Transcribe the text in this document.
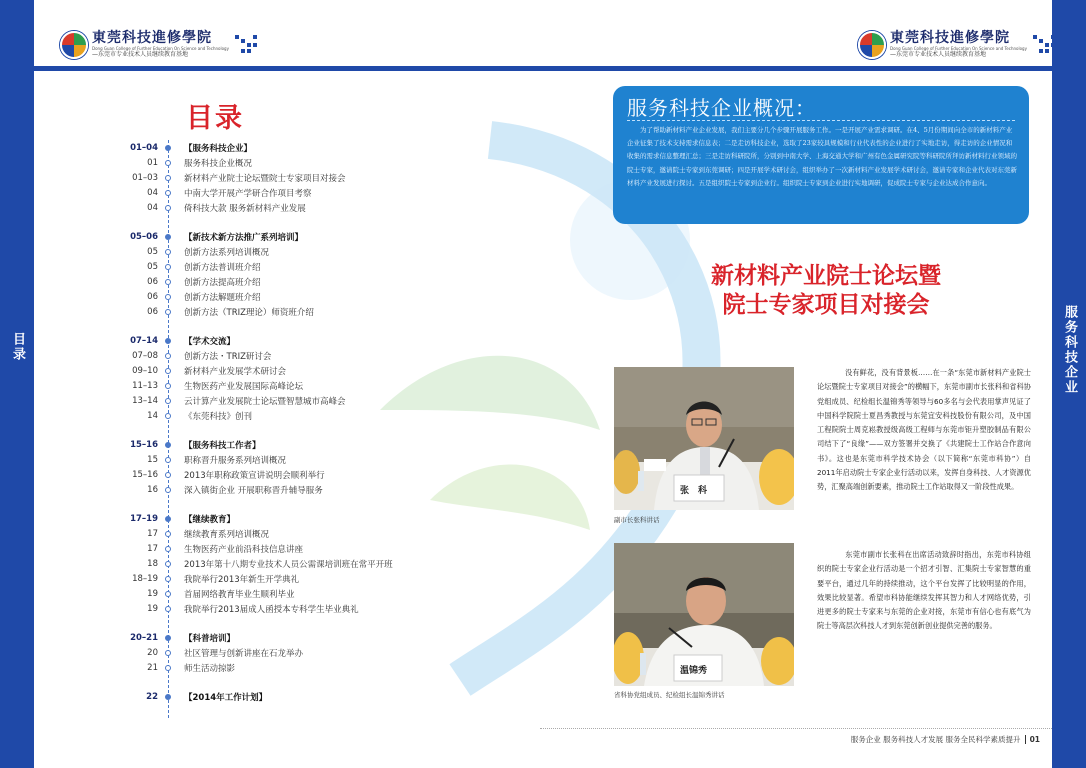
目录	服务科技企业
東莞科技進修學院
Dong Guan College of Further Education On Science and Technology
—东莞市专业技术人员继续教育基地
東莞科技進修學院
Dong Guan College of Further Education On Science and Technology
—东莞市专业技术人员继续教育基地
目录
01–04	【服务科技企业】
01	服务科技企业概况
01–03	新材料产业院士论坛暨院士专家项目对接会
04	中南大学开展产学研合作项目考察
04	倚科技大款 服务新材料产业发展
05–06	【新技术新方法推广系列培训】
05	创新方法系列培训概况
05	创新方法普训班介绍
06	创新方法提高班介绍
06	创新方法解题班介绍
06	创新方法（TRIZ理论）师资班介绍
07–14	【学术交流】
07–08	创新方法・TRIZ研讨会
09–10	新材料产业发展学术研讨会
11–13	生物医药产业发展国际高峰论坛
13–14	云计算产业发展院士论坛暨智慧城市高峰会
14	《东莞科技》创刊
15–16	【服务科技工作者】
15	职称晋升服务系列培训概况
15–16	2013年职称政策宣讲说明会顺利举行
16	深入镇街企业 开展职称晋升辅导服务
17–19	【继续教育】
17	继续教育系列培训概况
17	生物医药产业前沿科技信息讲座
18	2013年第十八期专业技术人员公需课培训班在常平开班
18–19	我院举行2013年新生开学典礼
19	首届网络教育毕业生顺利毕业
19	我院举行2013届成人函授本专科学生毕业典礼
20–21	【科普培训】
20	社区管理与创新讲座在石龙举办
21	师生活动掠影
22	【2014年工作计划】
服务科技企业概况：
为了帮助新材料产业企业发展，我们主要分几个步骤开展服务工作。一是开展产业需求调研。在4、5月份期间向全市的新材料产业企业征集了技术支持需求信息表；二是走访科技企业，选取了23家较具规模和行业代表性的企业进行了实地走访，得走访的企业情况和收集的需求信息整理汇总；三是走访科研院所，分别到中南大学、上海交通大学和广州有色金属研究院等科研院所拜访新材料行业领域的院士专家，邀请院士专家到东莞调研；四是开展学术研讨会，组织举办了一次新材料产业发展学术研讨会，邀请专家和企业代表对东莞新材料产业发展进行探讨。五是组织院士专家到企业行。组织院士专家到企业进行实地调研，促成院士专家与企业达成合作意向。
新材料产业院士论坛暨
院士专家项目对接会
张　科
副市长张科讲话
温锦秀
省科协党组成员、纪检组长温锦秀讲话
没有鲜花，没有背景板……在一条“东莞市新材料产业院士论坛暨院士专家项目对接会”的横幅下，东莞市副市长张科和省科协党组成员、纪检组长温锦秀等领导与60多名与会代表用掌声见证了中国科学院院士夏昌秀教授与东莞宜安科技股份有限公司，及中国工程院院士周克崧教授级高级工程师与东莞市钜升塑胶制品有限公司结下了“良缘”——双方签署并交换了《共建院士工作站合作意向书》。这也是东莞市科学技术协会（以下简称“东莞市科协”）自2011年启动院士专家企业行活动以来，发挥自身科技、人才资源优势，汇聚高端创新要素，推动院士工作站取得又一阶段性成果。
东莞市副市长张科在出席活动致辞时指出，东莞市科协组织的院士专家企业行活动是一个招才引智、汇集院士专家智慧的重要平台，通过几年的持续推动，这个平台发挥了比较明显的作用，效果比较显著。希望市科协能继续发挥其智力和人才网络优势，引进更多的院士专家来与东莞的企业对接，东莞市有信心也有底气为院士等高层次科技人才到东莞创新创业提供完善的服务。
服务企业 服务科技人才发展 服务全民科学素质提升	01
